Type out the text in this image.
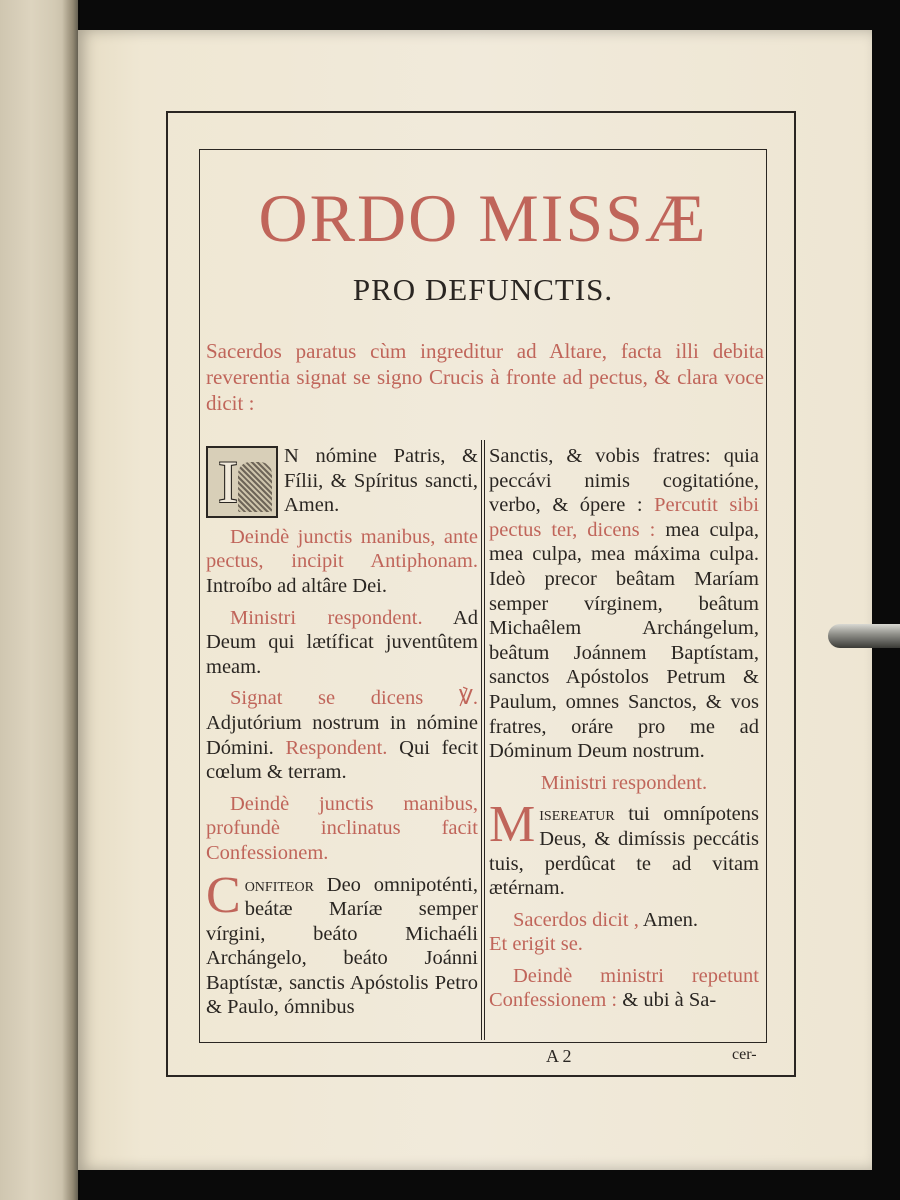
ORDO MISSÆ
PRO DEFUNCTIS.

Sacerdos paratus cùm ingreditur ad Altare, facta illi debita reverentia signat se signo Crucis à fronte ad pectus, & clara voce dicit :

I N nómine Patris, & Fílii, & Spíritus sancti, Amen.

Deindè junctis manibus, ante pectus, incipit Antiphonam. Introíbo ad altâre Dei.

Ministri respondent. Ad Deum qui lætíficat juventûtem meam.

Signat se dicens ℣. Adjutórium nostrum in nómine Dómini. Respondent. Qui fecit cœlum & terram.

Deindè junctis manibus, profundè inclinatus facit Confessionem.

C onfiteor Deo omnipoténti, beátæ Maríæ semper vírgini, beáto Michaéli Archángelo, beáto Joánni Baptístæ, sanctis Apóstolis Petro & Paulo, ómnibus

Sanctis, & vobis fratres: quia peccávi nimis cogitatióne, verbo, & ópere : Percutit sibi pectus ter, dicens : mea culpa, mea culpa, mea máxima culpa. Ideò precor beâtam Maríam semper vírginem, beâtum Michaêlem Archángelum, beâtum Joánnem Baptístam, sanctos Apóstolos Petrum & Paulum, omnes Sanctos, & vos fratres, oráre pro me ad Dóminum Deum nostrum.

Ministri respondent.

M isereatur tui omnípotens Deus, & dimíssis peccátis tuis, perdûcat te ad vitam ætérnam.

Sacerdos dicit , Amen.
Et erigit se.

Deindè ministri repetunt Confessionem : & ubi à Sa-

A 2	cer-
